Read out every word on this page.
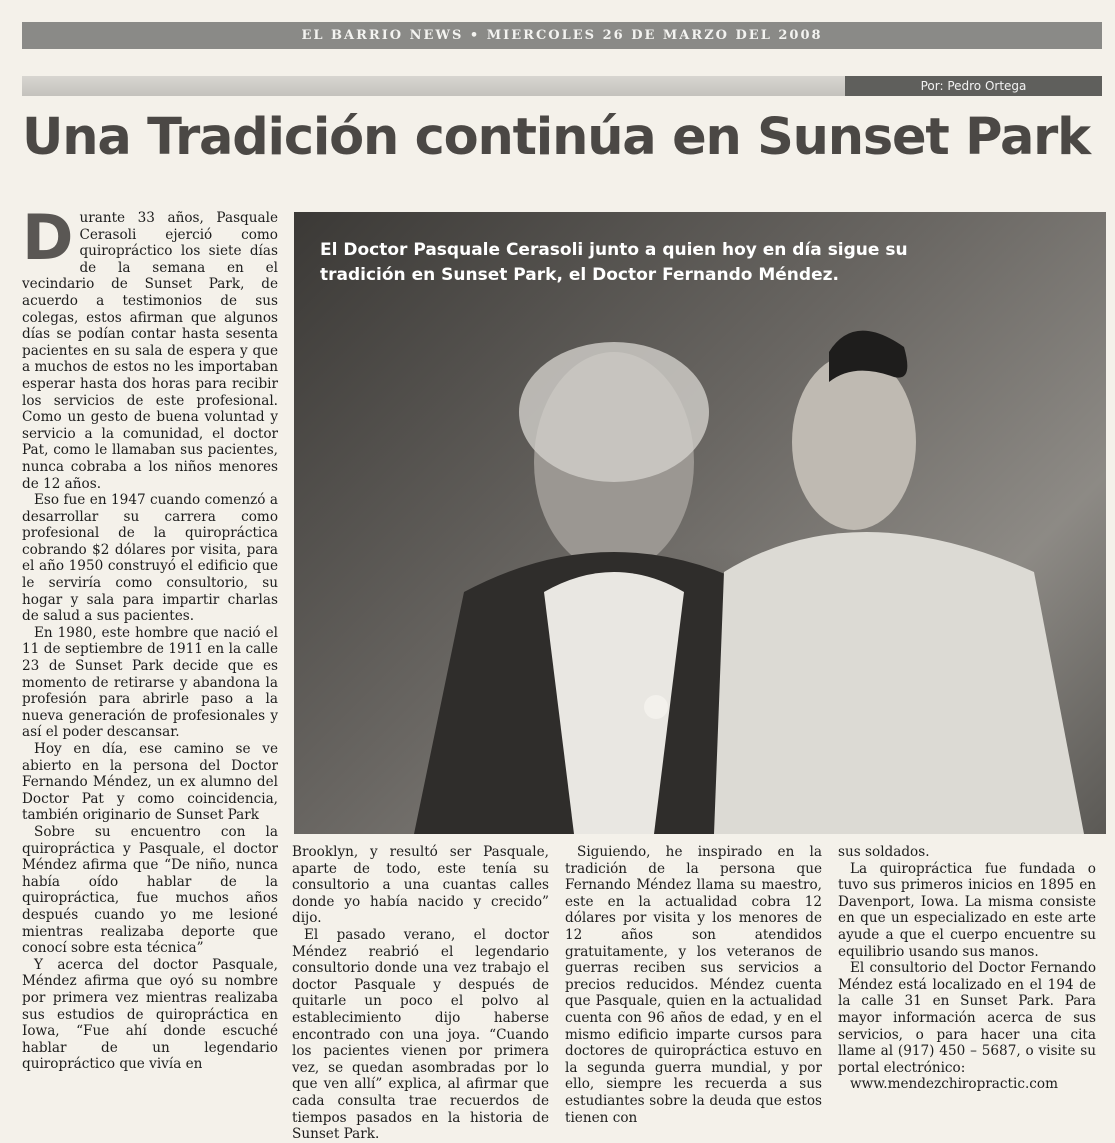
EL BARRIO NEWS • MIERCOLES 26 DE MARZO DEL 2008
Por: Pedro Ortega
Una Tradición continúa en Sunset Park

Durante 33 años, Pasquale Cerasoli ejerció como quiropráctico los siete días de la semana en el vecindario de Sunset Park, de acuerdo a testimonios de sus colegas, estos afirman que algunos días se podían contar hasta sesenta pacientes en su sala de espera y que a muchos de estos no les importaban esperar hasta dos horas para recibir los servicios de este profesional. Como un gesto de buena voluntad y servicio a la comunidad, el doctor Pat, como le llamaban sus pacientes, nunca cobraba a los niños menores de 12 años.

Eso fue en 1947 cuando comenzó a desarrollar su carrera como profesional de la quiropráctica cobrando $2 dólares por visita, para el año 1950 construyó el edificio que le serviría como consultorio, su hogar y sala para impartir charlas de salud a sus pacientes.

En 1980, este hombre que nació el 11 de septiembre de 1911 en la calle 23 de Sunset Park decide que es momento de retirarse y abandona la profesión para abrirle paso a la nueva generación de profesionales y así el poder descansar.

Hoy en día, ese camino se ve abierto en la persona del Doctor Fernando Méndez, un ex alumno del Doctor Pat y como coincidencia, también originario de Sunset Park

Sobre su encuentro con la quiropráctica y Pasquale, el doctor Méndez afirma que “De niño, nunca había oído hablar de la quiropráctica, fue muchos años después cuando yo me lesioné mientras realizaba deporte que conocí sobre esta técnica”

Y acerca del doctor Pasquale, Méndez afirma que oyó su nombre por primera vez mientras realizaba sus estudios de quiropráctica en Iowa, “Fue ahí donde escuché hablar de un legendario quiropráctico que vivía en

El Doctor Pasquale Cerasoli junto a quien hoy en día sigue su tradición en Sunset Park, el Doctor Fernando Méndez.

Brooklyn, y resultó ser Pasquale, aparte de todo, este tenía su consultorio a una cuantas calles donde yo había nacido y crecido” dijo.

El pasado verano, el doctor Méndez reabrió el legendario consultorio donde una vez trabajo el doctor Pasquale y después de quitarle un poco el polvo al establecimiento dijo haberse encontrado con una joya. “Cuando los pacientes vienen por primera vez, se quedan asombradas por lo que ven allí” explica, al afirmar que cada consulta trae recuerdos de tiempos pasados en la historia de Sunset Park.

Siguiendo, he inspirado en la tradición de la persona que Fernando Méndez llama su maestro, este en la actualidad cobra 12 dólares por visita y los menores de 12 años son atendidos gratuitamente, y los veteranos de guerras reciben sus servicios a precios reducidos. Méndez cuenta que Pasquale, quien en la actualidad cuenta con 96 años de edad, y en el mismo edificio imparte cursos para doctores de quiropráctica estuvo en la segunda guerra mundial, y por ello, siempre les recuerda a sus estudiantes sobre la deuda que estos tienen con

sus soldados.

La quiropráctica fue fundada o tuvo sus primeros inicios en 1895 en Davenport, Iowa. La misma consiste en que un especializado en este arte ayude a que el cuerpo encuentre su equilibrio usando sus manos.

El consultorio del Doctor Fernando Méndez está localizado en el 194 de la calle 31 en Sunset Park. Para mayor información acerca de sus servicios, o para hacer una cita llame al (917) 450 – 5687, o visite su portal electrónico:

www.mendezchiropractic.com
